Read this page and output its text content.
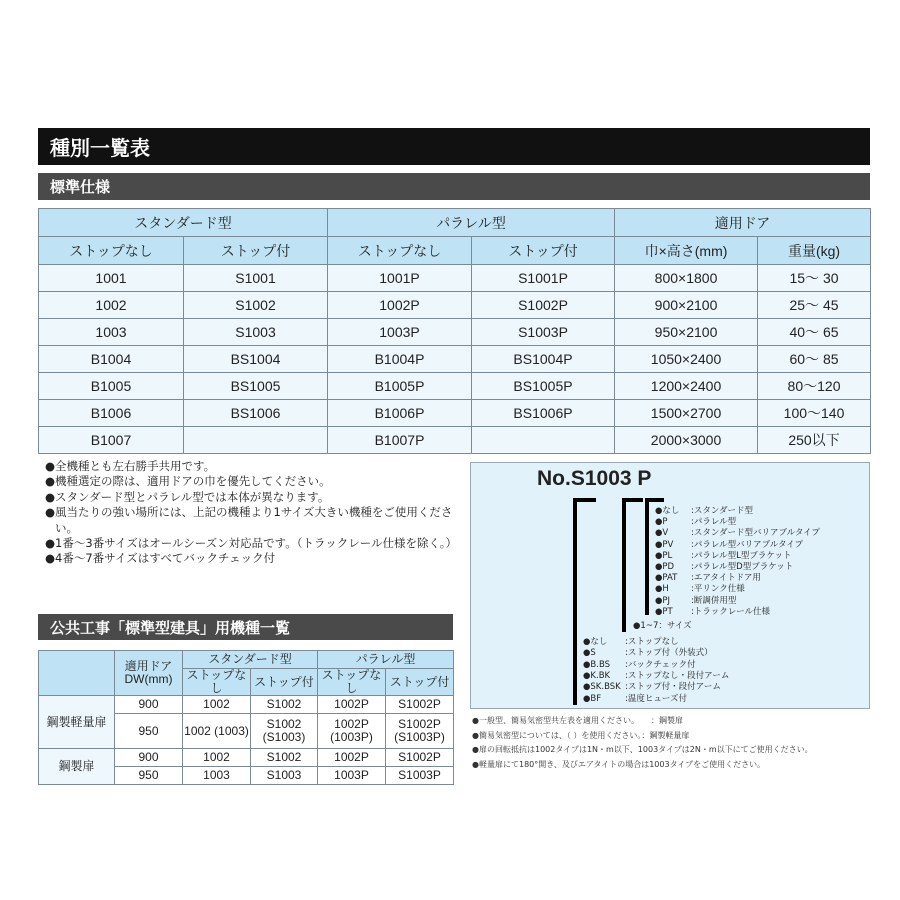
種別一覧表
標準仕様
スタンダード型		パラレル型		適用ドア	
ストップなし	ストップ付	ストップなし	ストップ付	巾×高さ(mm)	重量(kg)
1001	S1001	1001P	S1001P	800×1800	15～ 30
1002	S1002	1002P	S1002P	900×2100	25～ 45
1003	S1003	1003P	S1003P	950×2100	40～ 65
B1004	BS1004	B1004P	BS1004P	1050×2400	60～ 85
B1005	BS1005	B1005P	BS1005P	1200×2400	80～120
B1006	BS1006	B1006P	BS1006P	1500×2700	100～140
B1007		B1007P		2000×3000	250以下
●全機種とも左右勝手共用です。
●機種選定の際は、適用ドアの巾を優先してください。
●スタンダード型とパラレル型では本体が異なります。
●風当たりの強い場所には、上記の機種より1サイズ大きい機種をご使用ください。
●1番～3番サイズはオールシーズン対応品です。（トラックレール仕様を除く。）
●4番～7番サイズはすべてバックチェック付
公共工事「標準型建具」用機種一覧
	適用ドア DW(mm)	スタンダード型		パラレル型	
		ストップなし	ストップ付	ストップなし	ストップ付
鋼製軽量扉	900	1002	S1002	1002P	S1002P
	950	1002 (1003)	S1002 (S1003)	1002P (1003P)	S1002P (S1003P)
鋼製扉	900	1002	S1002	1002P	S1002P
	950	1003	S1003	1003P	S1003P
No.S1003 P
●なし :スタンダード型
●P	:パラレル型
●V	:スタンダード型バリアブルタイプ
●PV :パラレル型バリアブルタイプ
●PL :パラレル型L型ブラケット
●PD :パラレル型D型ブラケット
●PAT :エアタイトドア用
●H	:平リンク仕様
●PJ :断調併用型
●PT :トラックレール仕様
●1~7：サイズ
●なし :ストップなし
●S	:ストップ付（外装式）
●B.BS :バックチェック付
●K.BK :ストップなし・段付アーム
●SK.BSK :ストップ付・段付アーム
●BF	:温度ヒューズ付
●一般型、簡易気密型共左表を適用ください。　　：鋼製扉
●簡易気密型については、（ ）を使用ください。：鋼製軽量扉
●扉の回転抵抗は1002タイプは1N・m以下、1003タイプは2N・m以下にてご使用ください。
●軽量扉にて180°開き、及びエアタイトの場合は1003タイプをご使用ください。
